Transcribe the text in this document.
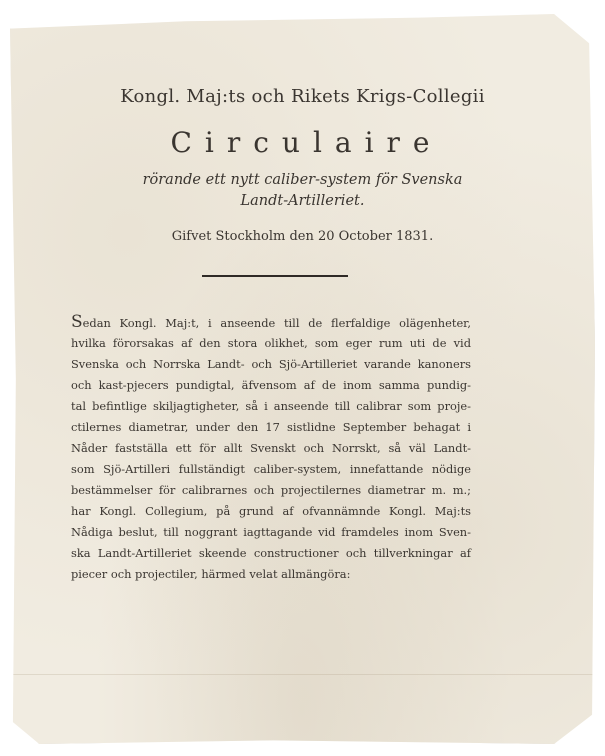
Kongl. Maj:ts och Rikets Krigs-Collegii
Circulaire
rörande ett nytt caliber-system för Svenska
Landt-Artilleriet.
Gifvet Stockholm den 20 October 1831.
Sedan Kongl. Maj:t, i anseende till de flerfaldige olägenheter,
hvilka förorsakas af den stora olikhet, som eger rum uti de vid
Svenska och Norrska Landt- och Sjö-Artilleriet varande kanoners
och kast-pjecers pundigtal, äfvensom af de inom samma pundig-
tal befintlige skiljagtigheter, så i anseende till calibrar som proje-
ctilernes diametrar, under den 17 sistlidne September behagat i
Nåder fastställa ett för allt Svenskt och Norrskt, så väl Landt-
som Sjö-Artilleri fullständigt caliber-system, innefattande nödige
bestämmelser för calibrarnes och projectilernes diametrar m. m.;
har Kongl. Collegium, på grund af ofvannämnde Kongl. Maj:ts
Nådiga beslut, till noggrant iagttagande vid framdeles inom Sven-
ska Landt-Artilleriet skeende constructioner och tillverkningar af
piecer och projectiler, härmed velat allmängöra:
